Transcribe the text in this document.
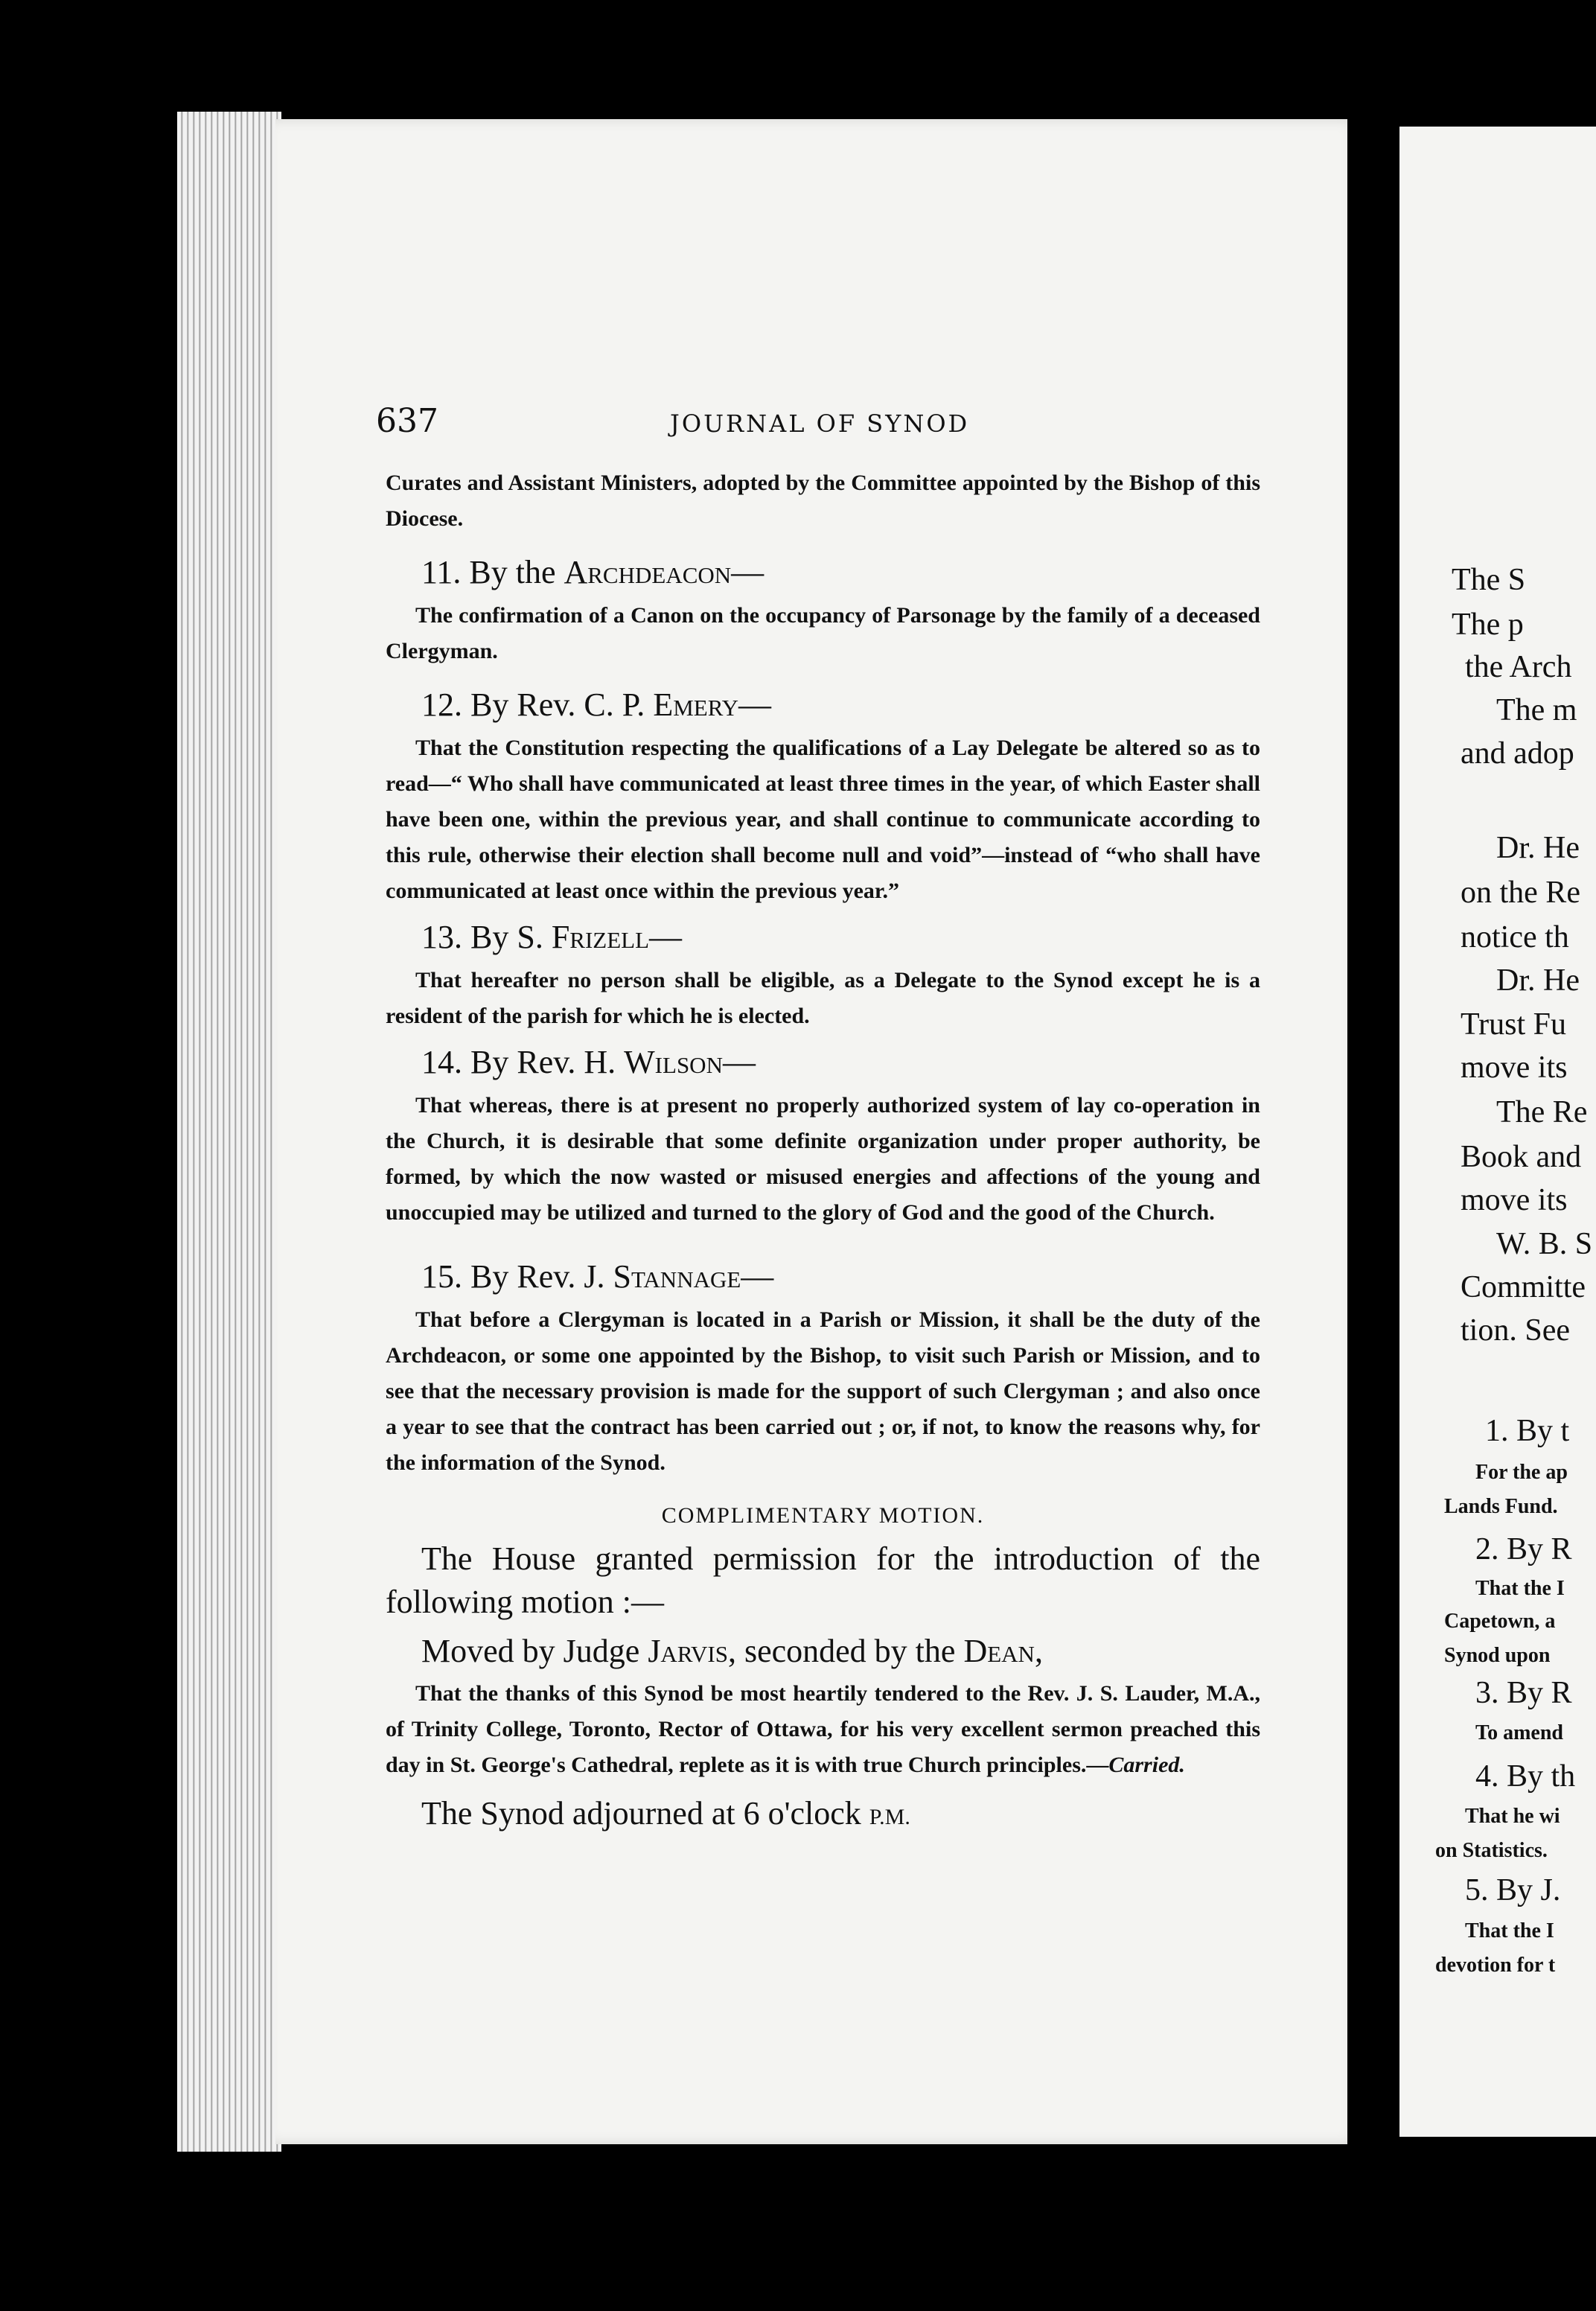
637	JOURNAL OF SYNOD

Curates and Assistant Ministers, adopted by the Committee appointed by the Bishop of this Diocese.

11. By the Archdeacon—

The confirmation of a Canon on the occupancy of Parsonage by the family of a deceased Clergyman.

12. By Rev. C. P. Emery—

That the Constitution respecting the qualifications of a Lay Delegate be altered so as to read—“ Who shall have communicated at least three times in the year, of which Easter shall have been one, within the previous year, and shall continue to communicate according to this rule, otherwise their election shall become null and void”—instead of “who shall have communicated at least once within the previous year.”

13. By S. Frizell—

That hereafter no person shall be eligible, as a Delegate to the Synod except he is a resident of the parish for which he is elected.

14. By Rev. H. Wilson—

That whereas, there is at present no properly authorized system of lay co-operation in the Church, it is desirable that some definite organization under proper authority, be formed, by which the now wasted or misused energies and affections of the young and unoccupied may be utilized and turned to the glory of God and the good of the Church.

15. By Rev. J. Stannage—

That before a Clergyman is located in a Parish or Mission, it shall be the duty of the Archdeacon, or some one appointed by the Bishop, to visit such Parish or Mission, and to see that the necessary provision is made for the support of such Clergyman ; and also once a year to see that the contract has been carried out ; or, if not, to know the reasons why, for the information of the Synod.

COMPLIMENTARY MOTION.

The House granted permission for the introduction of the following motion :—

Moved by Judge Jarvis, seconded by the Dean,

That the thanks of this Synod be most heartily tendered to the Rev. J. S. Lauder, M.A., of Trinity College, Toronto, Rector of Ottawa, for his very excellent sermon preached this day in St. George's Cathedral, replete as it is with true Church principles.—Carried.

The Synod adjourned at 6 o'clock P.M.
The S
The p
the Arch
The m
and adop
Dr. He
on the Re
notice th
Dr. He
Trust Fu
move its
The Re
Book and
move its
W. B. S
Committe
tion. See
1. By t
For the ap
Lands Fund.
2. By R
That the I
Capetown, a
Synod upon
3. By R
To amend
4. By th
That he wi
on Statistics.
5. By J.
That the I
devotion for t
